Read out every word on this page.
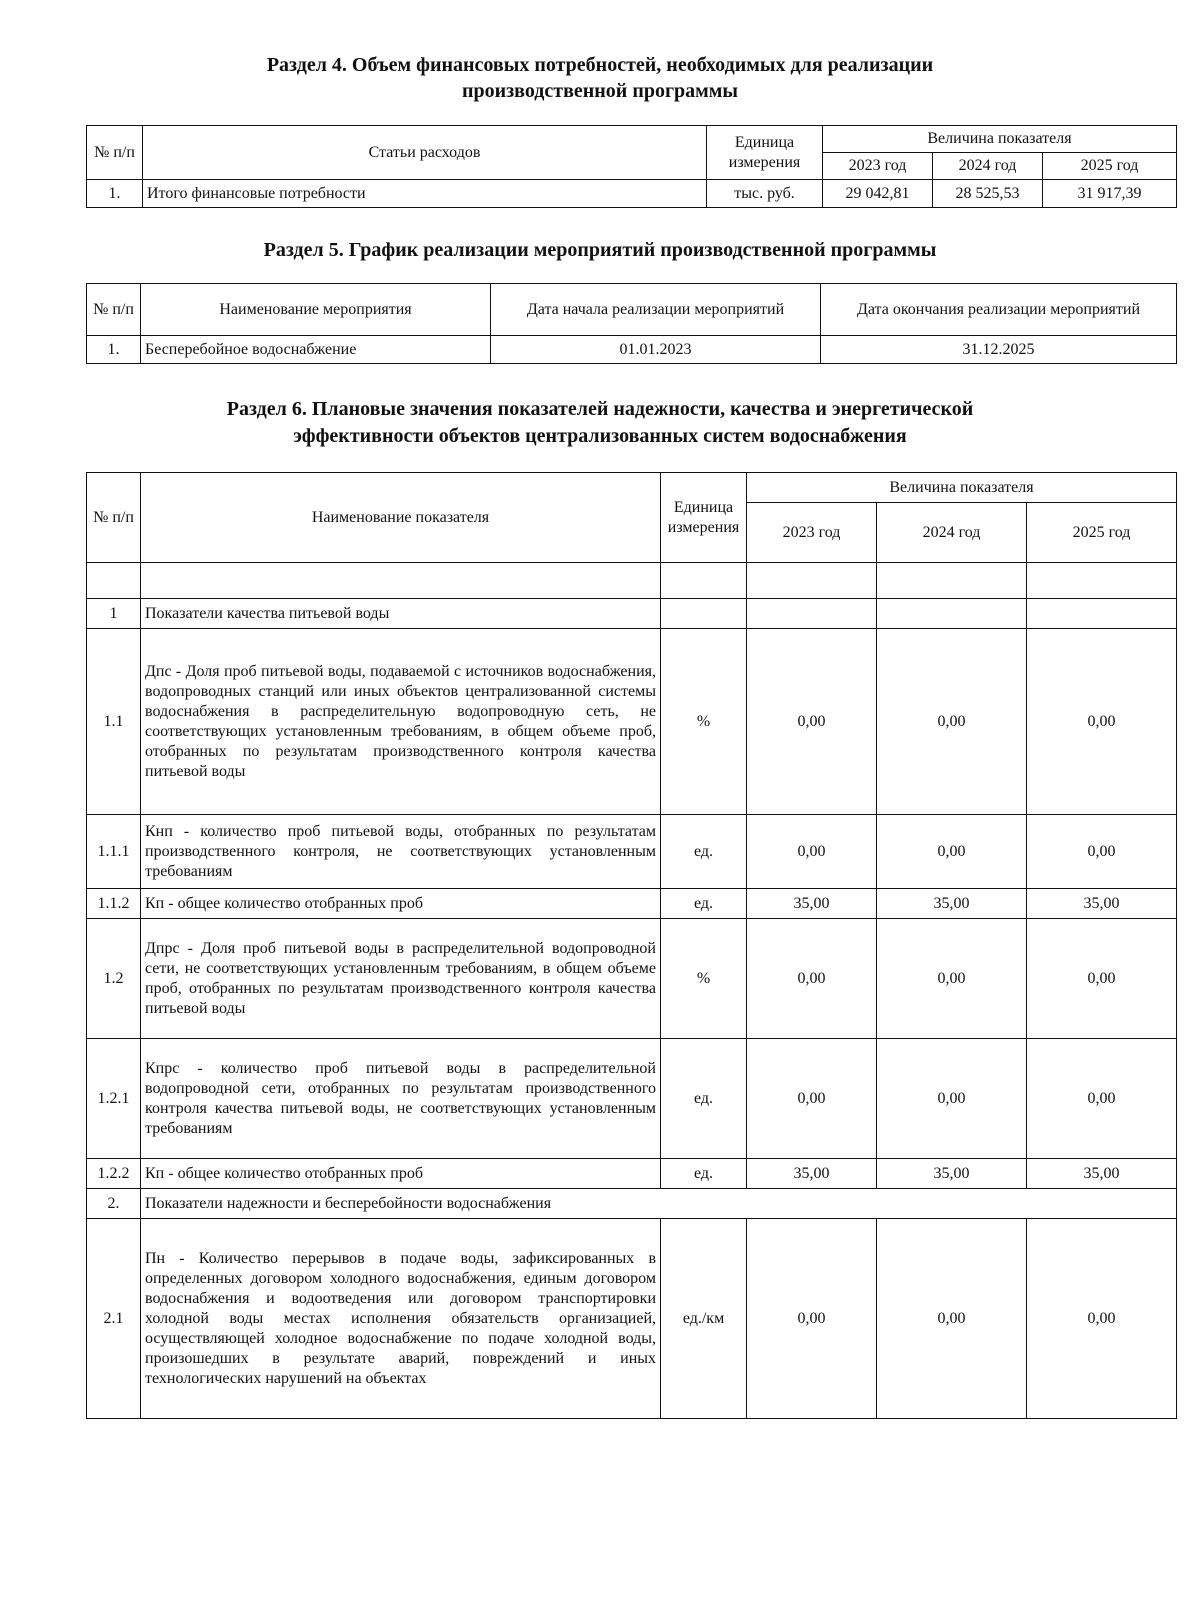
Раздел 4. Объем финансовых потребностей, необходимых для реализации
производственной программы
№ п/п	Статьи расходов	Единица измерения	Величина показателя		
			2023 год	2024 год	2025 год
1.	Итого финансовые потребности	тыс. руб.	29 042,81	28 525,53	31 917,39
Раздел 5. График реализации мероприятий производственной программы
№ п/п	Наименование мероприятия	Дата начала реализации мероприятий	Дата окончания реализации мероприятий
1.	Бесперебойное водоснабжение	01.01.2023	31.12.2025
Раздел 6. Плановые значения показателей надежности, качества и энергетической
эффективности объектов централизованных систем водоснабжения
№ п/п	Наименование показателя	Единица измерения	Величина показателя		
			2023 год	2024 год	2025 год

1	Показатели качества питьевой воды				
1.1	Дпс - Доля проб питьевой воды, подаваемой с источников водоснабжения, водопроводных станций или иных объектов централизованной системы водоснабжения в распределительную водопроводную сеть, не соответствующих установленным требованиям, в общем объеме проб, отобранных по результатам производственного контроля качества питьевой воды	%	0,00	0,00	0,00
1.1.1	Кнп - количество проб питьевой воды, отобранных по результатам производственного контроля, не соответствующих установленным требованиям	ед.	0,00	0,00	0,00
1.1.2	Кп - общее количество отобранных проб	ед.	35,00	35,00	35,00
1.2	Дпрс - Доля проб питьевой воды в распределительной водопроводной сети, не соответствующих установленным требованиям, в общем объеме проб, отобранных по результатам производственного контроля качества питьевой воды	%	0,00	0,00	0,00
1.2.1	Кпрс - количество проб питьевой воды в распределительной водопроводной сети, отобранных по результатам производственного контроля качества питьевой воды, не соответствующих установленным требованиям	ед.	0,00	0,00	0,00
1.2.2	Кп - общее количество отобранных проб	ед.	35,00	35,00	35,00
2.	Показатели надежности и бесперебойности водоснабжения				
2.1	Пн - Количество перерывов в подаче воды, зафиксированных в определенных договором холодного водоснабжения, единым договором водоснабжения и водоотведения или договором транспортировки холодной воды местах исполнения обязательств организацией, осуществляющей холодное водоснабжение по подаче холодной воды, произошедших в результате аварий, повреждений и иных технологических нарушений на объектах	ед./км	0,00	0,00	0,00
